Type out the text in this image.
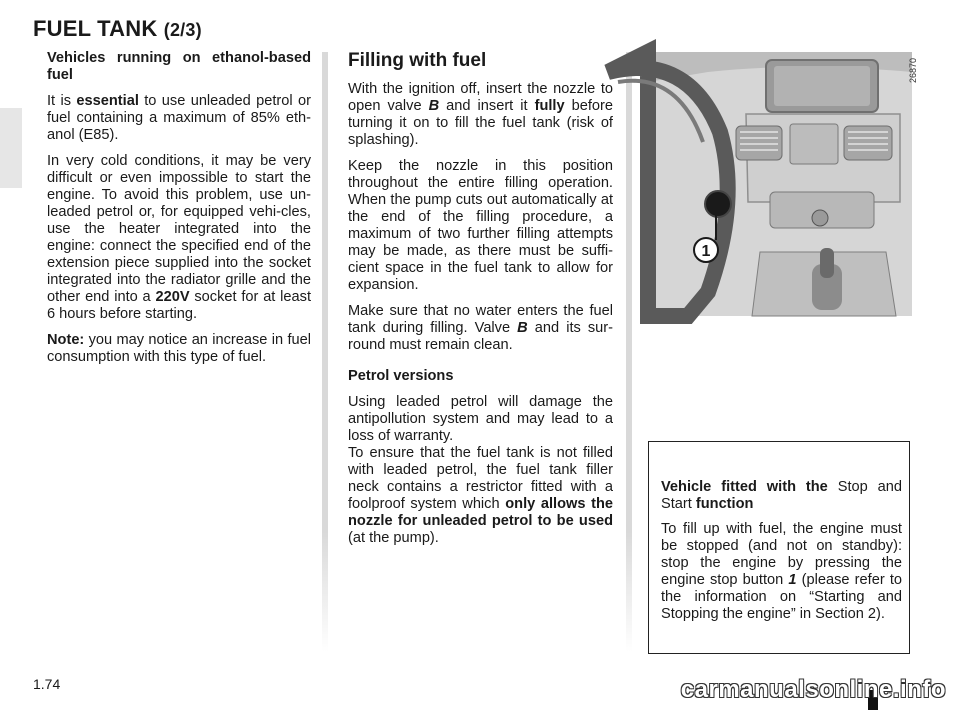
FUEL TANK (2/3)

Vehicles running on ethanol-based fuel

It is essential to use unleaded petrol or fuel containing a maximum of 85% eth-anol (E85).

In very cold conditions, it may be very difficult or even impossible to start the engine. To avoid this problem, use un-leaded petrol or, for equipped vehi-cles, use the heater integrated into the engine: connect the specified end of the extension piece supplied into the socket integrated into the radiator grille and the other end into a 220V socket for at least 6 hours before starting.

Note: you may notice an increase in fuel consumption with this type of fuel.

Filling with fuel

With the ignition off, insert the nozzle to open valve B and insert it fully before turning it on to fill the fuel tank (risk of splashing).

Keep the nozzle in this position throughout the entire filling operation. When the pump cuts out automatically at the end of the filling procedure, a maximum of two further filling attempts may be made, as there must be suffi-cient space in the fuel tank to allow for expansion.

Make sure that no water enters the fuel tank during filling. Valve B and its sur-round must remain clean.

Petrol versions

Using leaded petrol will damage the antipollution system and may lead to a loss of warranty.

To ensure that the fuel tank is not filled with leaded petrol, the fuel tank filler neck contains a restrictor fitted with a foolproof system which only allows the nozzle for unleaded petrol to be used (at the pump).

1
26870

Vehicle fitted with the Stop and Start function

To fill up with fuel, the engine must be stopped (and not on standby): stop the engine by pressing the engine stop button 1 (please refer to the information on “Starting and Stopping the engine” in Section 2).

1.74	carmanualsonline.info
